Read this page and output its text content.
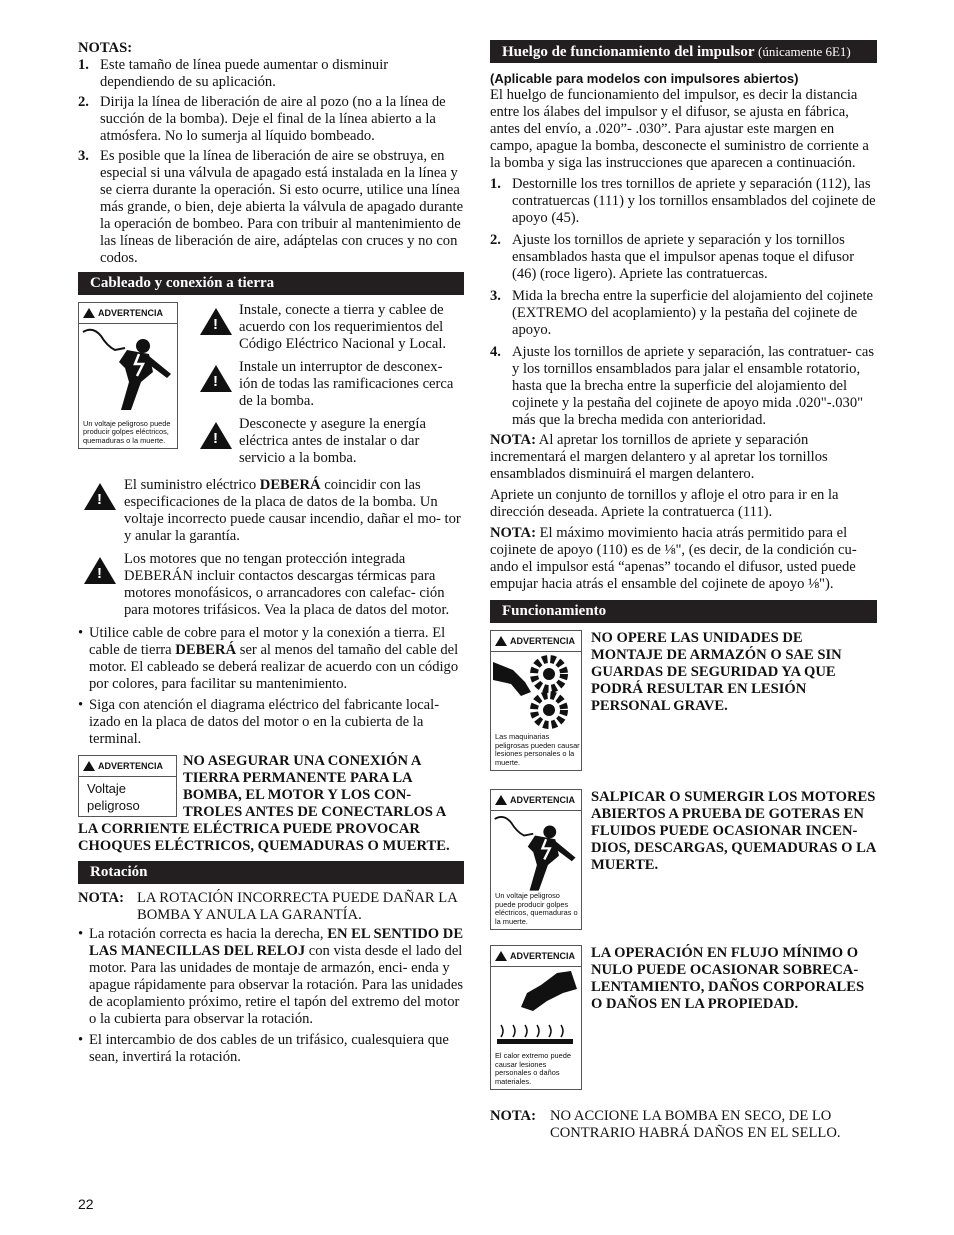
NOTAS:

1. Este tamaño de línea puede aumentar o disminuir dependiendo de su aplicación.
2. Dirija la línea de liberación de aire al pozo (no a la línea de succión de la bomba). Deje el final de la línea abierto a la atmósfera. No lo sumerja al líquido bombeado.
3. Es posible que la línea de liberación de aire se obstruya, en especial si una válvula de apagado está instalada en la línea y se cierra durante la operación. Si esto ocurre, utilice una línea más grande, o bien, deje abierta la válvula de apagado durante la operación de bombeo. Para con tribuir al mantenimiento de las líneas de liberación de aire, adáptelas con cruces y no con codos.
Cableado y conexión a tierra
ADVERTENCIA
Un voltaje peligroso puede producir golpes eléctricos, quemaduras o la muerte.
!

Instale, conecte a tierra y cablee de acuerdo con los requerimientos del Código Eléctrico Nacional y Local.

!

Instale un interruptor de desconex- ión de todas las ramificaciones cerca de la bomba.

!

Desconecte y asegure la energía eléctrica antes de instalar o dar servicio a la bomba.

!

El suministro eléctrico DEBERÁ coincidir con las especificaciones de la placa de datos de la bomba. Un voltaje incorrecto puede causar incendio, dañar el mo- tor y anular la garantía.

!

Los motores que no tengan protección integrada DEBERÁN incluir contactos descargas térmicas para motores monofásicos, o arrancadores con calefac- ción para motores trifásicos. Vea la placa de datos del motor.

• Utilice cable de cobre para el motor y la conexión a tierra. El cable de tierra DEBERÁ ser al menos del tamaño del cable del motor. El cableado se deberá realizar de acuerdo con un código por colores, para facilitar su mantenimiento.

• Siga con atención el diagrama eléctrico del fabricante local- izado en la placa de datos del motor o en la cubierta de la terminal.

ADVERTENCIA
Voltaje peligroso

NO ASEGURAR UNA CONEXIÓN A TIERRA PERMANENTE PARA LA BOMBA, EL MOTOR Y LOS CON- TROLES ANTES DE CONECTARLOS A LA CORRIENTE ELÉCTRICA PUEDE PROVOCAR CHOQUES ELÉCTRICOS, QUEMADURAS O MUERTE.

Rotación
NOTA: LA ROTACIÓN INCORRECTA PUEDE DAÑAR LA BOMBA Y ANULA LA GARANTÍA.

• La rotación correcta es hacia la derecha, EN EL SENTIDO DE LAS MANECILLAS DEL RELOJ con vista desde el lado del motor. Para las unidades de montaje de armazón, enci- enda y apague rápidamente para observar la rotación. Para las unidades de acoplamiento próximo, retire el tapón del extremo del motor o la cubierta para observar la rotación.

• El intercambio de dos cables de un trifásico, cualesquiera que sean, invertirá la rotación.

Huelgo de funcionamiento del impulsor (únicamente 6E1)

(Aplicable para modelos con impulsores abiertos)

El huelgo de funcionamiento del impulsor, es decir la distancia entre los álabes del impulsor y el difusor, se ajusta en fábrica, antes del envío, a .020”- .030”. Para ajustar este margen en campo, apague la bomba, desconecte el suministro de corriente a la bomba y siga las instrucciones que aparecen a continuación.

1. Destornille los tres tornillos de apriete y separación (112), las contratuercas (111) y los tornillos ensamblados del cojinete de apoyo (45).
2. Ajuste los tornillos de apriete y separación y los tornillos ensamblados hasta que el impulsor apenas toque el difusor (46) (roce ligero). Apriete las contratuercas.
3. Mida la brecha entre la superficie del alojamiento del cojinete (EXTREMO del acoplamiento) y la pestaña del cojinete de apoyo.
4. Ajuste los tornillos de apriete y separación, las contratuer- cas y los tornillos ensamblados para jalar el ensamble rotatorio, hasta que la brecha entre la superficie del alojamiento del cojinete y la pestaña del cojinete de apoyo mida .020"-.030" más que la brecha medida con anterioridad.

NOTA: Al apretar los tornillos de apriete y separación incrementará el margen delantero y al apretar los tornillos ensamblados disminuirá el margen delantero.

Apriete un conjunto de tornillos y afloje el otro para ir en la dirección deseada. Apriete la contratuerca (111).

NOTA: El máximo movimiento hacia atrás permitido para el cojinete de apoyo (110) es de ⅛", (es decir, de la condición cu- ando el impulsor está “apenas” tocando el difusor, usted puede empujar hacia atrás el ensamble del cojinete de apoyo ⅛").

Funcionamiento
ADVERTENCIA
Las maquinarias peligrosas pueden causar lesiones personales o la muerte.

NO OPERE LAS UNIDADES DE MONTAJE DE ARMAZÓN O SAE SIN GUARDAS DE SEGURIDAD YA QUE PODRÁ RESULTAR EN LESIÓN PERSONAL GRAVE.

ADVERTENCIA
Un voltaje peligroso puede producir golpes eléctricos, quemaduras o la muerte.

SALPICAR O SUMERGIR LOS MOTORES ABIERTOS A PRUEBA DE GOTERAS EN FLUIDOS PUEDE OCASIONAR INCEN- DIOS, DESCARGAS, QUEMADURAS O LA MUERTE.

ADVERTENCIA
El calor extremo puede causar lesiones personales o daños materiales.

LA OPERACIÓN EN FLUJO MÍNIMO O NULO PUEDE OCASIONAR SOBRECA- LENTAMIENTO, DAÑOS CORPORALES O DAÑOS EN LA PROPIEDAD.

NOTA: NO ACCIONE LA BOMBA EN SECO, DE LO CONTRARIO HABRÁ DAÑOS EN EL SELLO.
22
